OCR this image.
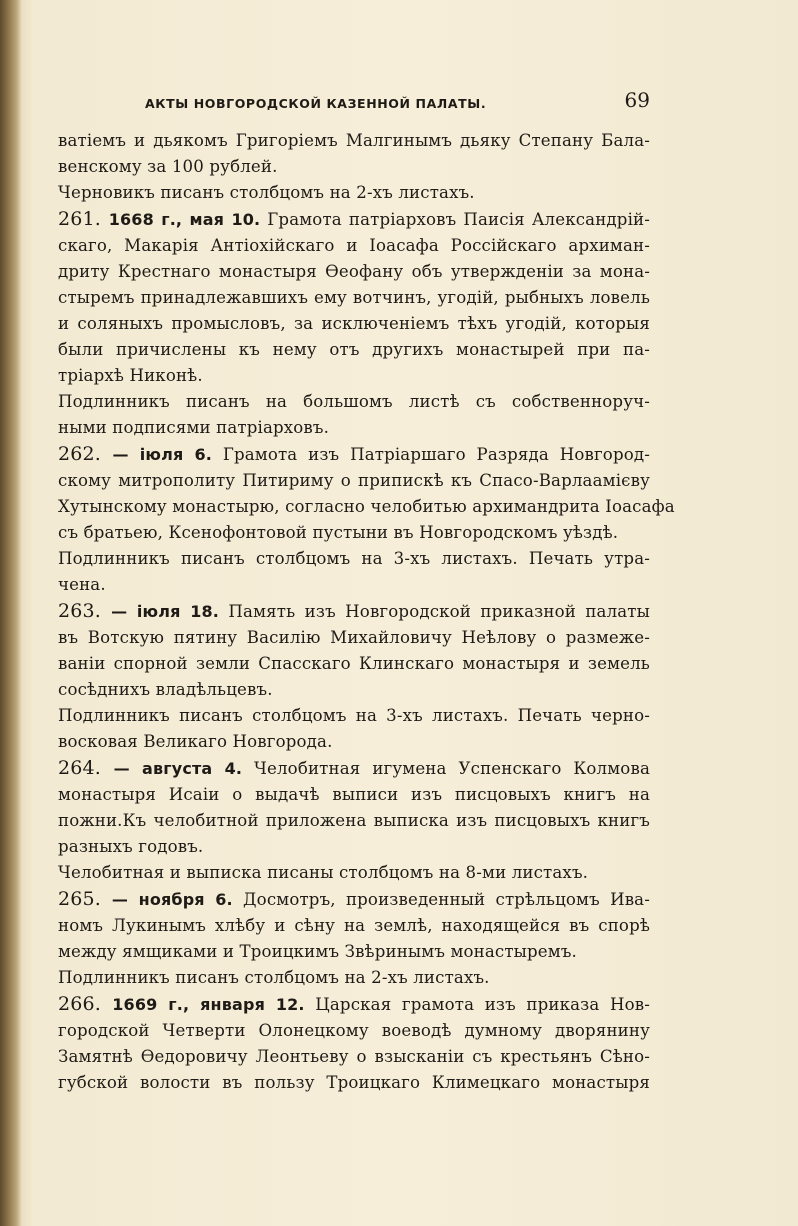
АКТЫ НОВГОРОДСКОЙ КАЗЕННОЙ ПАЛАТЫ.	69
ватіемъ и дьякомъ Григоріемъ Малгинымъ дьяку Степану Бала-
венскому за 100 рублей.
Черновикъ писанъ столбцомъ на 2-хъ листахъ.
261. 1668 г., мая 10. Грамота патріарховъ Паисія Александрій-
скаго, Макарія Антіохійскаго и Іоасафа Россійскаго архиман-
дриту Крестнаго монастыря Өеофану объ утвержденіи за мона-
стыремъ принадлежавшихъ ему вотчинъ, угодій, рыбныхъ ловель
и соляныхъ промысловъ, за исключеніемъ тѣхъ угодій, которыя
были причислены къ нему отъ другихъ монастырей при па-
тріархѣ Никонѣ.
Подлинникъ писанъ на большомъ листѣ съ собственноруч-
ными подписями патріарховъ.
262. — іюля 6. Грамота изъ Патріаршаго Разряда Новгород-
скому митрополиту Питириму о припискѣ къ Спасо-Варлаамієву
Хутынскому монастырю, согласно челобитью архимандрита Іоасафа
съ братьею, Ксенофонтовой пустыни въ Новгородскомъ уѣздѣ.
Подлинникъ писанъ столбцомъ на 3-хъ листахъ. Печать утра-
чена.
263. — іюля 18. Память изъ Новгородской приказной палаты
въ Вотскую пятину Василію Михайловичу Неѣлову о размеже-
ваніи спорной земли Спасскаго Клинскаго монастыря и земель
сосѣднихъ владѣльцевъ.
Подлинникъ писанъ столбцомъ на 3-хъ листахъ. Печать черно-
восковая Великаго Новгорода.
264. — августа 4. Челобитная игумена Успенскаго Колмова
монастыря Исаіи о выдачѣ выписи изъ писцовыхъ книгъ на
пожни.Къ челобитной приложена выписка изъ писцовыхъ книгъ
разныхъ годовъ.
Челобитная и выписка писаны столбцомъ на 8-ми листахъ.
265. — ноября 6. Досмотръ, произведенный стрѣльцомъ Ива-
номъ Лукинымъ хлѣбу и сѣну на землѣ, находящейся въ спорѣ
между ямщиками и Троицкимъ Звѣринымъ монастыремъ.
Подлинникъ писанъ столбцомъ на 2-хъ листахъ.
266. 1669 г., января 12. Царская грамота изъ приказа Нов-
городской Четверти Олонецкому воеводѣ думному дворянину
Замятнѣ Өедоровичу Леонтьеву о взысканіи съ крестьянъ Сѣно-
губской волости въ пользу Троицкаго Климецкаго монастыря
